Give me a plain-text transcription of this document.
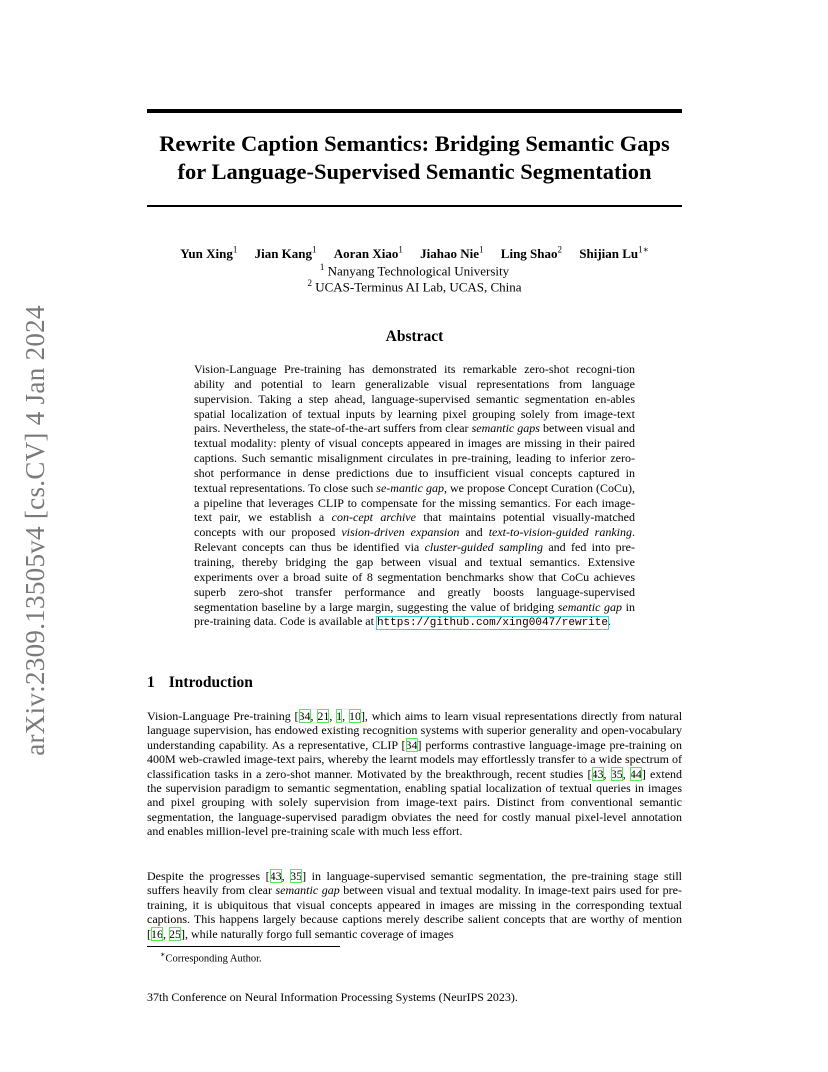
arXiv:2309.13505v4 [cs.CV] 4 Jan 2024
Rewrite Caption Semantics: Bridging Semantic Gaps
for Language-Supervised Semantic Segmentation
Yun Xing$^1$ Jian Kang$^1$ Aoran Xiao$^1$ Jiahao Nie$^1$ Ling Shao$^2$ Shijian $Lu^{1∗}$
$^1$ Nanyang Technological University
$^2$ UCAS-Terminus AI Lab, UCAS, China
Abstract
Vision-Language Pre-training has demonstrated its remarkable zero-shot recogni-tion ability and potential to learn generalizable visual representations from language supervision. Taking a step ahead, language-supervised semantic segmentation en-ables spatial localization of textual inputs by learning pixel grouping solely from image-text pairs. Nevertheless, the state-of-the-art suffers from clear semantic gaps between visual and textual modality: plenty of visual concepts appeared in images are missing in their paired captions. Such semantic misalignment circulates in pre-training, leading to inferior zero-shot performance in dense predictions due to insufficient visual concepts captured in textual representations. To close such se-mantic gap, we propose Concept Curation (CoCu), a pipeline that leverages CLIP to compensate for the missing semantics. For each image-text pair, we establish a con-cept archive that maintains potential visually-matched concepts with our proposed vision-driven expansion and text-to-vision-guided ranking. Relevant concepts can thus be identified via cluster-guided sampling and fed into pre-training, thereby bridging the gap between visual and textual semantics. Extensive experiments over a broad suite of 8 segmentation benchmarks show that CoCu achieves superb zero-shot transfer performance and greatly boosts language-supervised segmentation baseline by a large margin, suggesting the value of bridging semantic gap in pre-training data. Code is available at https://github.com/xing0047/rewrite.
1 Introduction
Vision-Language Pre-training [34, 21, 1, 10], which aims to learn visual representations directly from natural language supervision, has endowed existing recognition systems with superior generality and open-vocabulary understanding capability. As a representative, CLIP [34] performs contrastive language-image pre-training on 400M web-crawled image-text pairs, whereby the learnt models may effortlessly transfer to a wide spectrum of classification tasks in a zero-shot manner. Motivated by the breakthrough, recent studies [43, 35, 44] extend the supervision paradigm to semantic segmentation, enabling spatial localization of textual queries in images and pixel grouping with solely supervision from image-text pairs. Distinct from conventional semantic segmentation, the language-supervised paradigm obviates the need for costly manual pixel-level annotation and enables million-level pre-training scale with much less effort.
Despite the progresses [43, 35] in language-supervised semantic segmentation, the pre-training stage still suffers heavily from clear semantic gap between visual and textual modality. In image-text pairs used for pre-training, it is ubiquitous that visual concepts appeared in images are missing in the corresponding textual captions. This happens largely because captions merely describe salient concepts that are worthy of mention [16, 25], while naturally forgo full semantic coverage of images
∗Corresponding Author.
37th Conference on Neural Information Processing Systems (NeurIPS 2023).
